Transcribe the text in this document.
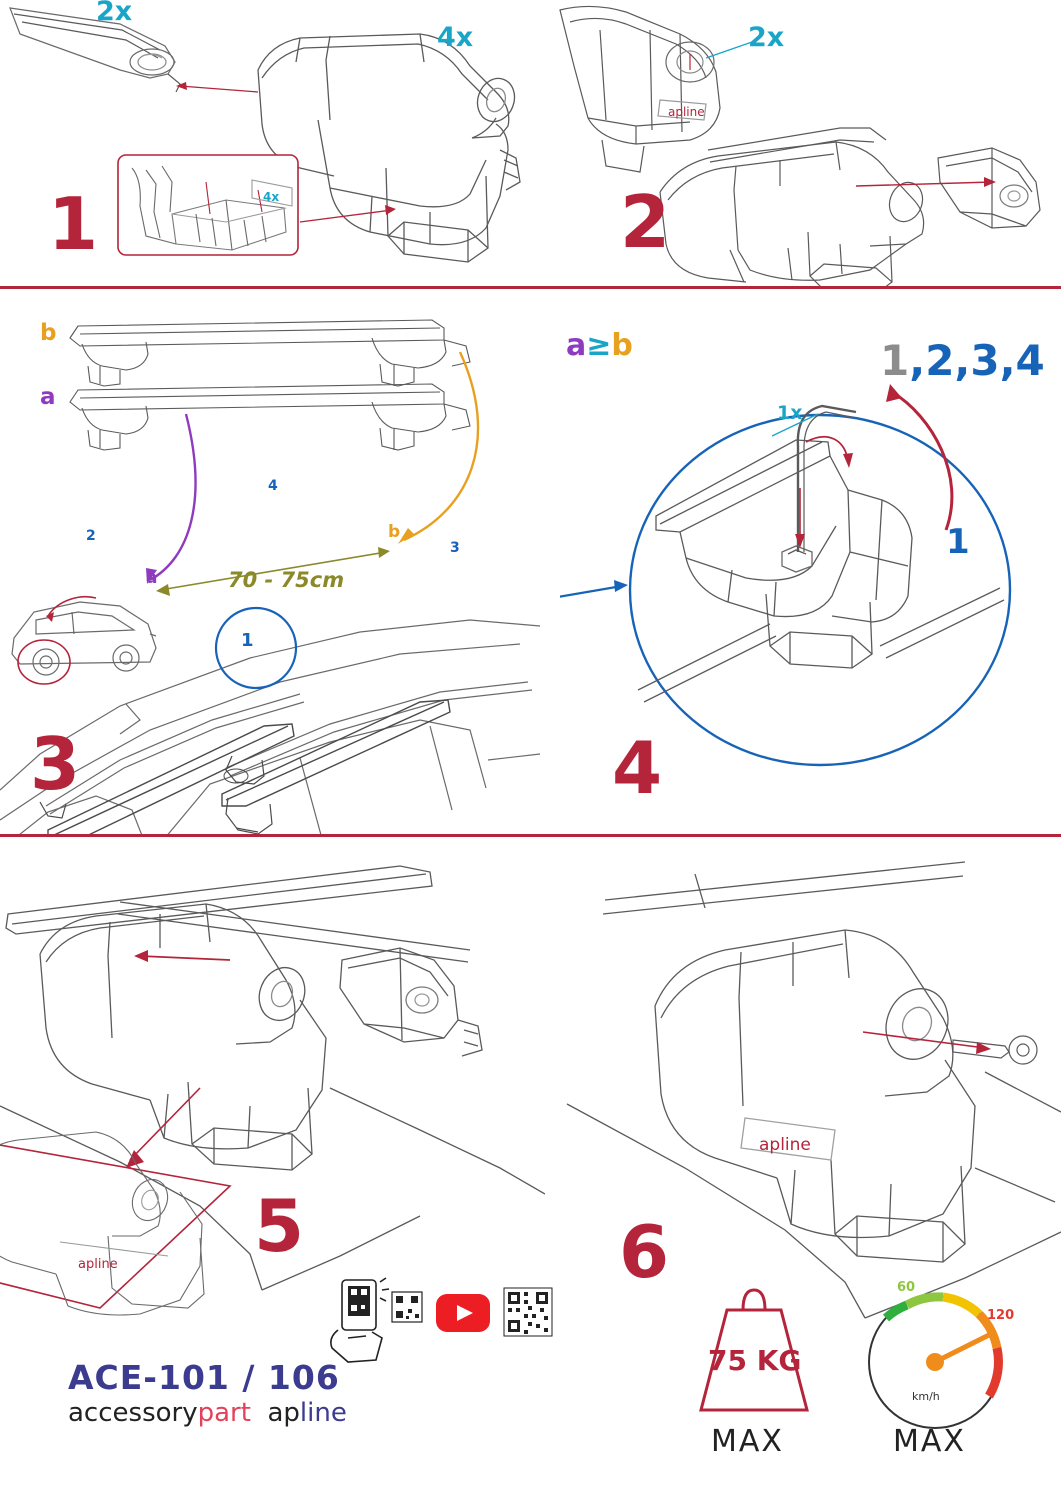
2x
4x
4x
1
apline
2x
2
b
a
a
b
70 - 75cm
2
4
3
1
3
a≥b
1x
1,2,3,4
1
4
apline 5
apline
6
75 KG
MAX	MAX
km/h
60
120
ACE-101 / 106
accessorypart apline
